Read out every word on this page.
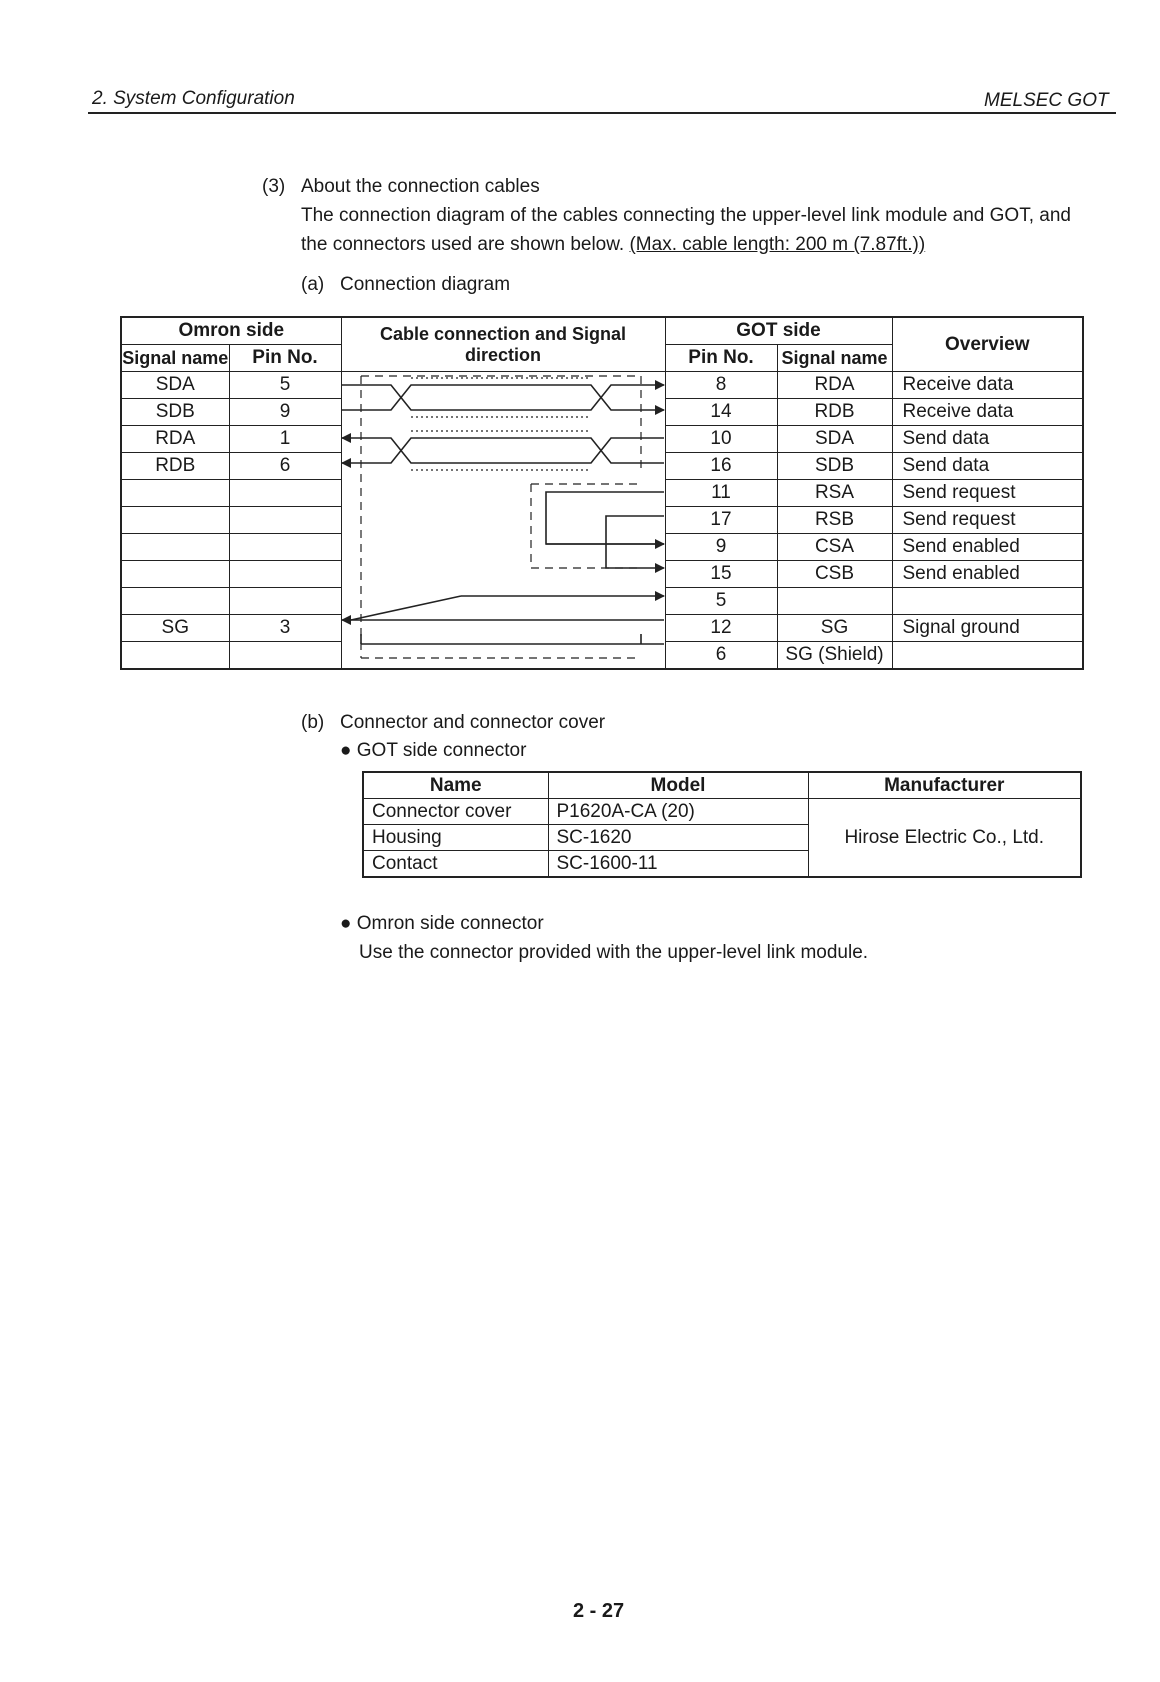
2. System Configuration	MELSEC GOT
(3) About the connection cables
The connection diagram of the cables connecting the upper-level link module and GOT, and
the connectors used are shown below. (Max. cable length: 200 m (7.87ft.))
(a) Connection diagram
Omron side		Cable connection and Signal direction	GOT side		Overview
Signal name	Pin No.		Pin No.	Signal name	
SDA	5		8	RDA	Receive data
SDB	9		14	RDB	Receive data
RDA	1		10	SDA	Send data
RDB	6		16	SDB	Send data
			11	RSA	Send request
			17	RSB	Send request
			9	CSA	Send enabled
			15	CSB	Send enabled
			5		
SG	3		12	SG	Signal ground
			6	SG (Shield)	
(b) Connector and connector cover
● GOT side connector
Name	Model	Manufacturer
Connector cover	P1620A-CA (20)	Hirose Electric Co., Ltd.
Housing	SC-1620	
Contact	SC-1600-11	
● Omron side connector
Use the connector provided with the upper-level link module.
2 - 27
